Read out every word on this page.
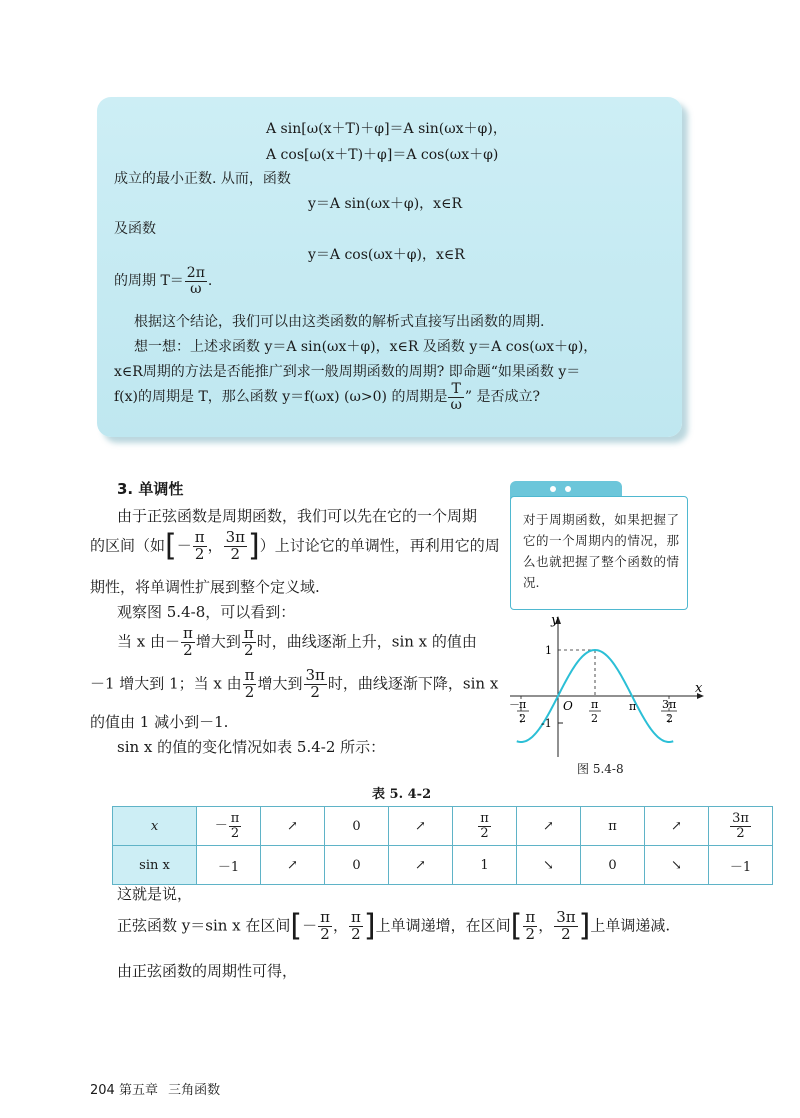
A sin[ω(x＋T)＋φ]＝A sin(ωx＋φ)，
A cos[ω(x＋T)＋φ]＝A cos(ωx＋φ)
成立的最小正数. 从而，函数
y＝A sin(ωx＋φ)，x∈R
及函数
y＝A cos(ωx＋φ)，x∈R
的周期 $T= \frac{2\pi}{\omega}$ .
根据这个结论，我们可以由这类函数的解析式直接写出函数的周期.
想一想：上述求函数 y＝A sin(ωx＋φ)，x∈R 及函数 y＝A cos(ωx＋φ)，
x∈R周期的方法是否能推广到求一般周期函数的周期? 即命题“如果函数 y＝
f(x)的周期是 T，那么函数 y＝f(ωx) (ω>0) 的周期是 $\frac{T}{\omega}$ ” 是否成立?
3. 单调性
由于正弦函数是周期函数，我们可以先在它的一个周期
的区间（如[－ $\frac{\pi}{2}$ ， $\frac{3\pi}{2}$ ]）上讨论它的单调性，再利用它的周
期性，将单调性扩展到整个定义域.
观察图 5.4-8，可以看到：
当 x 由－ $\frac{\pi}{2}$ 增大到 $\frac{\pi}{2}$ 时，曲线逐渐上升，sin x 的值由
－1 增大到 1；当 x 由 $\frac{\pi}{2}$ 增大到 $\frac{3\pi}{2}$ 时，曲线逐渐下降，sin x
的值由 1 减小到－1.
sin x 的值的变化情况如表 5.4-2 所示：
对于周期函数，如果把握了它的一个周期内的情况，那么也就把握了整个函数的情况.
y
x
O
1
-1
－ π
2
π
2
π 3π
2
图 5.4-8
表 5. 4-2
x	－ $\frac{\pi}{2}$	↗	0	↗	$\frac{\pi}{2}$	↗	π	↗	$\frac{3\pi}{2}$

sin x	－1	↗	0	↗	1	↘	0	↘	－1
这就是说，
正弦函数 y＝sin x 在区间[－ $\frac{\pi}{2}$ ， $\frac{\pi}{2}$ ]上单调递增，在区间[ $\frac{\pi}{2}$ ， $\frac{3\pi}{2}$ ]上单调递减.
由正弦函数的周期性可得，
204 第五章 三角函数
